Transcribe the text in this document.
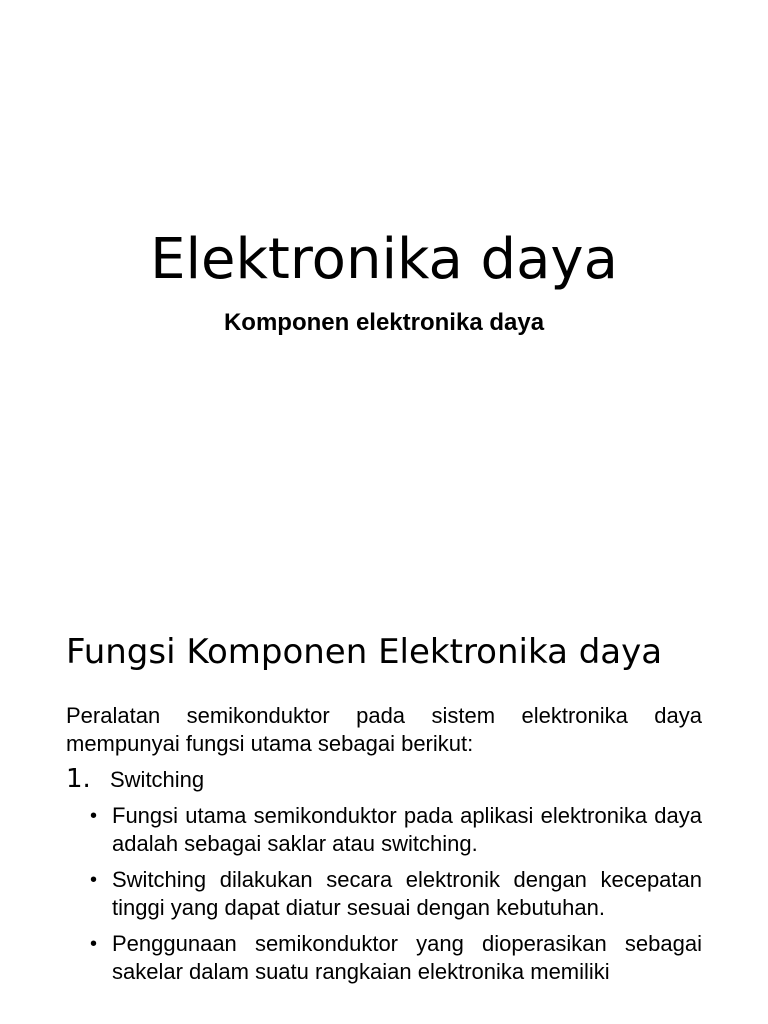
Elektronika daya
Komponen elektronika daya
Fungsi Komponen Elektronika daya
Peralatan semikonduktor pada sistem elektronika daya mempunyai fungsi utama sebagai berikut:
1. Switching
• Fungsi utama semikonduktor pada aplikasi elektronika daya adalah sebagai saklar atau switching.
• Switching dilakukan secara elektronik dengan kecepatan tinggi yang dapat diatur sesuai dengan kebutuhan.
• Penggunaan semikonduktor yang dioperasikan sebagai sakelar dalam suatu rangkaian elektronika memiliki
